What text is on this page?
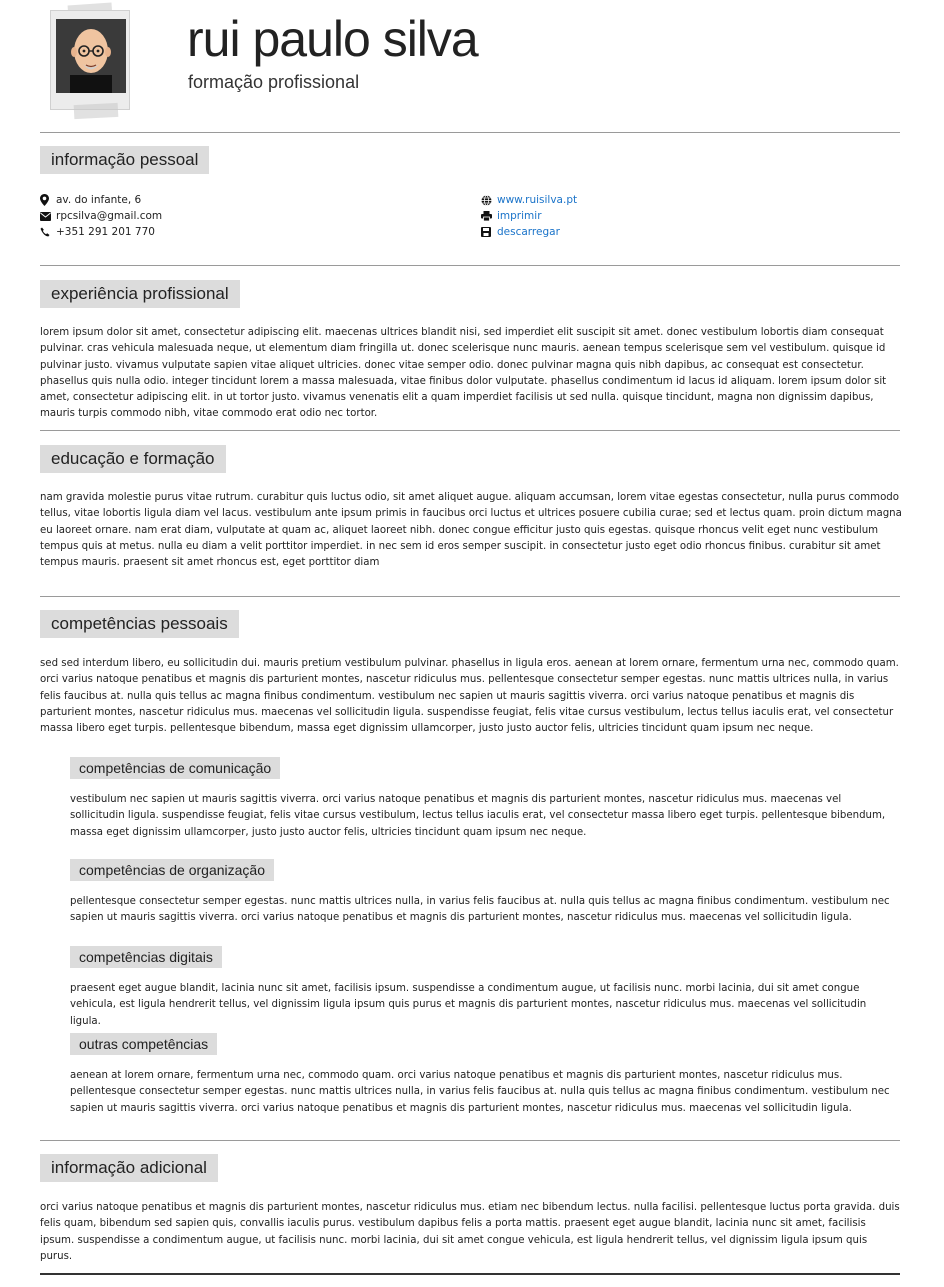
rui paulo silva
formação profissional
informação pessoal
av. do infante, 6
rpcsilva@gmail.com
+351 291 201 770
www.ruisilva.pt
imprimir
descarregar
experiência profissional
lorem ipsum dolor sit amet, consectetur adipiscing elit. maecenas ultrices blandit nisi, sed imperdiet elit suscipit sit amet. donec vestibulum lobortis diam consequat pulvinar. cras vehicula malesuada neque, ut elementum diam fringilla ut. donec scelerisque nunc mauris. aenean tempus scelerisque sem vel vestibulum. quisque id pulvinar justo. vivamus vulputate sapien vitae aliquet ultricies. donec vitae semper odio. donec pulvinar magna quis nibh dapibus, ac consequat est consectetur. phasellus quis nulla odio. integer tincidunt lorem a massa malesuada, vitae finibus dolor vulputate. phasellus condimentum id lacus id aliquam. lorem ipsum dolor sit amet, consectetur adipiscing elit. in ut tortor justo. vivamus venenatis elit a quam imperdiet facilisis ut sed nulla. quisque tincidunt, magna non dignissim dapibus, mauris turpis commodo nibh, vitae commodo erat odio nec tortor.
educação e formação
nam gravida molestie purus vitae rutrum. curabitur quis luctus odio, sit amet aliquet augue. aliquam accumsan, lorem vitae egestas consectetur, nulla purus commodo tellus, vitae lobortis ligula diam vel lacus. vestibulum ante ipsum primis in faucibus orci luctus et ultrices posuere cubilia curae; sed et lectus quam. proin dictum magna eu laoreet ornare. nam erat diam, vulputate at quam ac, aliquet laoreet nibh. donec congue efficitur justo quis egestas. quisque rhoncus velit eget nunc vestibulum tempus quis at metus. nulla eu diam a velit porttitor imperdiet. in nec sem id eros semper suscipit. in consectetur justo eget odio rhoncus finibus. curabitur sit amet tempus mauris. praesent sit amet rhoncus est, eget porttitor diam
competências pessoais
sed sed interdum libero, eu sollicitudin dui. mauris pretium vestibulum pulvinar. phasellus in ligula eros. aenean at lorem ornare, fermentum urna nec, commodo quam. orci varius natoque penatibus et magnis dis parturient montes, nascetur ridiculus mus. pellentesque consectetur semper egestas. nunc mattis ultrices nulla, in varius felis faucibus at. nulla quis tellus ac magna finibus condimentum. vestibulum nec sapien ut mauris sagittis viverra. orci varius natoque penatibus et magnis dis parturient montes, nascetur ridiculus mus. maecenas vel sollicitudin ligula. suspendisse feugiat, felis vitae cursus vestibulum, lectus tellus iaculis erat, vel consectetur massa libero eget turpis. pellentesque bibendum, massa eget dignissim ullamcorper, justo justo auctor felis, ultricies tincidunt quam ipsum nec neque.
competências de comunicação
vestibulum nec sapien ut mauris sagittis viverra. orci varius natoque penatibus et magnis dis parturient montes, nascetur ridiculus mus. maecenas vel sollicitudin ligula. suspendisse feugiat, felis vitae cursus vestibulum, lectus tellus iaculis erat, vel consectetur massa libero eget turpis. pellentesque bibendum, massa eget dignissim ullamcorper, justo justo auctor felis, ultricies tincidunt quam ipsum nec neque.
competências de organização
pellentesque consectetur semper egestas. nunc mattis ultrices nulla, in varius felis faucibus at. nulla quis tellus ac magna finibus condimentum. vestibulum nec sapien ut mauris sagittis viverra. orci varius natoque penatibus et magnis dis parturient montes, nascetur ridiculus mus. maecenas vel sollicitudin ligula.
competências digitais
praesent eget augue blandit, lacinia nunc sit amet, facilisis ipsum. suspendisse a condimentum augue, ut facilisis nunc. morbi lacinia, dui sit amet congue vehicula, est ligula hendrerit tellus, vel dignissim ligula ipsum quis purus et magnis dis parturient montes, nascetur ridiculus mus. maecenas vel sollicitudin ligula.
outras competências
aenean at lorem ornare, fermentum urna nec, commodo quam. orci varius natoque penatibus et magnis dis parturient montes, nascetur ridiculus mus. pellentesque consectetur semper egestas. nunc mattis ultrices nulla, in varius felis faucibus at. nulla quis tellus ac magna finibus condimentum. vestibulum nec sapien ut mauris sagittis viverra. orci varius natoque penatibus et magnis dis parturient montes, nascetur ridiculus mus. maecenas vel sollicitudin ligula.
informação adicional
orci varius natoque penatibus et magnis dis parturient montes, nascetur ridiculus mus. etiam nec bibendum lectus. nulla facilisi. pellentesque luctus porta gravida. duis felis quam, bibendum sed sapien quis, convallis iaculis purus. vestibulum dapibus felis a porta mattis. praesent eget augue blandit, lacinia nunc sit amet, facilisis ipsum. suspendisse a condimentum augue, ut facilisis nunc. morbi lacinia, dui sit amet congue vehicula, est ligula hendrerit tellus, vel dignissim ligula ipsum quis purus.
